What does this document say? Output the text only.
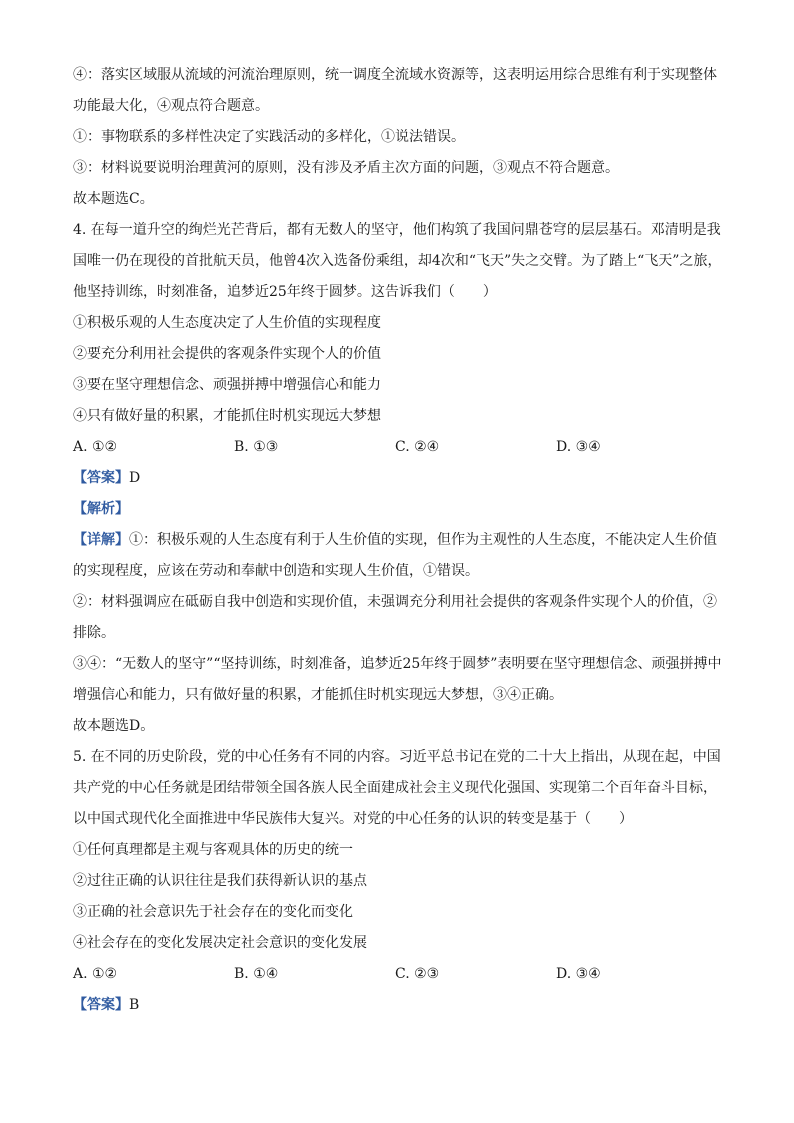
④：落实区域服从流域的河流治理原则，统一调度全流域水资源等，这表明运用综合思维有利于实现整体功能最大化，④观点符合题意。

①：事物联系的多样性决定了实践活动的多样化，①说法错误。

③：材料说要说明治理黄河的原则，没有涉及矛盾主次方面的问题，③观点不符合题意。

故本题选C。

4. 在每一道升空的绚烂光芒背后，都有无数人的坚守，他们构筑了我国问鼎苍穹的层层基石。邓清明是我国唯一仍在现役的首批航天员，他曾4次入选备份乘组，却4次和“飞天”失之交臂。为了踏上“飞天”之旅，他坚持训练，时刻准备，追梦近25年终于圆梦。这告诉我们（　　）

①积极乐观的人生态度决定了人生价值的实现程度

②要充分利用社会提供的客观条件实现个人的价值

③要在坚守理想信念、顽强拼搏中增强信心和能力

④只有做好量的积累，才能抓住时机实现远大梦想

A. ①②	B. ①③	C. ②④	D. ③④

【答案】D

【解析】

【详解】①：积极乐观的人生态度有利于人生价值的实现，但作为主观性的人生态度，不能决定人生价值的实现程度，应该在劳动和奉献中创造和实现人生价值，①错误。

②：材料强调应在砥砺自我中创造和实现价值，未强调充分利用社会提供的客观条件实现个人的价值，②排除。

③④：“无数人的坚守”“坚持训练，时刻准备，追梦近25年终于圆梦”表明要在坚守理想信念、顽强拼搏中增强信心和能力，只有做好量的积累，才能抓住时机实现远大梦想，③④正确。

故本题选D。

5. 在不同的历史阶段，党的中心任务有不同的内容。习近平总书记在党的二十大上指出，从现在起，中国共产党的中心任务就是团结带领全国各族人民全面建成社会主义现代化强国、实现第二个百年奋斗目标，以中国式现代化全面推进中华民族伟大复兴。对党的中心任务的认识的转变是基于（　　）

①任何真理都是主观与客观具体的历史的统一

②过往正确的认识往往是我们获得新认识的基点

③正确的社会意识先于社会存在的变化而变化

④社会存在的变化发展决定社会意识的变化发展

A. ①②	B. ①④	C. ②③	D. ③④

【答案】B
